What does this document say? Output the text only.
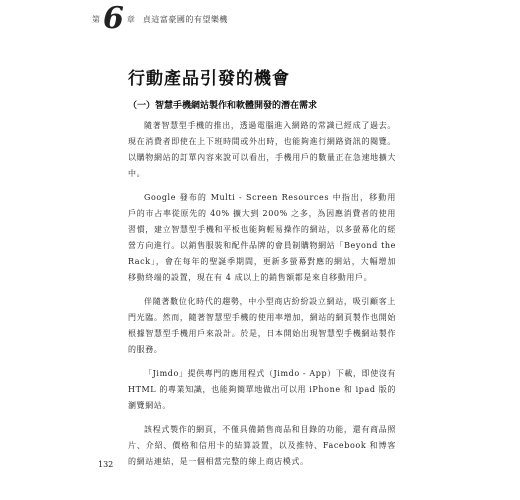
第 6 章 貞這富豪國的有望樂機
行動產品引發的機會
（一）智慧手機網站製作和軟體開發的潛在需求

隨著智慧型手機的推出，透過電腦進入網路的常識已經成了過去。現在消費者即使在上下班時間或外出時，也能夠進行網路資訊的閱覽。以購物網站的訂單內容來說可以看出，手機用戶的數量正在急速地擴大中。

Google 發布的 Multi - Screen Resources 中指出，移動用戶的市占率從原先的 40% 擴大到 200% 之多，為因應消費者的使用習慣，建立智慧型手機和平板也能夠輕易操作的網站，以多螢幕化的經營方向進行。以銷售服裝和配件品牌的會員制購物網站「Beyond the Rack」，會在每年的聖誕季期間，更新多螢幕對應的網站，大幅增加移動終端的設置，現在有 4 成以上的銷售額都是來自移動用戶。

伴隨著數位化時代的趨勢，中小型商店紛紛設立網站，吸引顧客上門光臨。然而，隨著智慧型手機的使用率增加，網站的網頁製作也開始根據智慧型手機用戶來設計。於是，日本開始出現智慧型手機網站製作的服務。

「Jimdo」提供專門的應用程式（Jimdo - App）下載，即使沒有 HTML 的專業知識，也能夠簡單地做出可以用 iPhone 和 ipad 版的瀏覽網站。

該程式製作的網頁，不僅具備銷售商品和目錄的功能，還有商品照片、介紹、價格和信用卡的結算設置，以及推特、Facebook 和博客的網站連結，是一個相當完整的線上商店模式。

132
